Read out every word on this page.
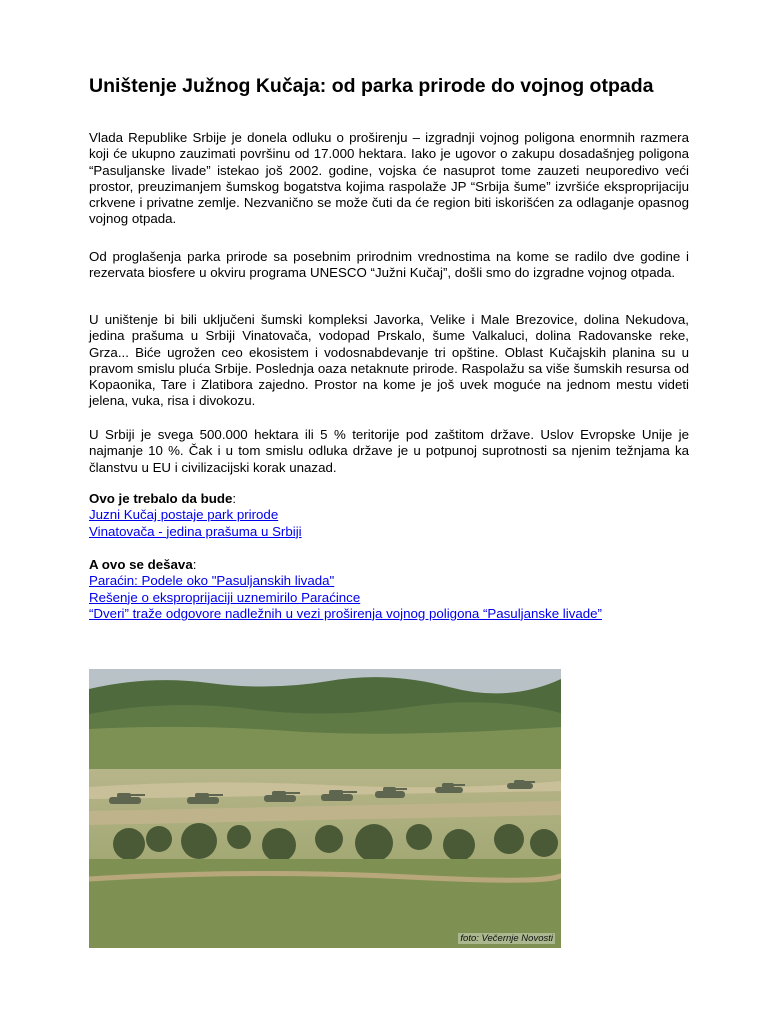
Uništenje Južnog Kučaja: od parka prirode do vojnog otpada

Vlada Republike Srbije je donela odluku o proširenju – izgradnji vojnog poligona enormnih razmera koji će ukupno zauzimati površinu od 17.000 hektara. Iako je ugovor o zakupu dosadašnjeg poligona “Pasuljanske livade” istekao još 2002. godine, vojska će nasuprot tome zauzeti neuporedivo veći prostor, preuzimanjem šumskog bogatstva kojima raspolaže JP “Srbija šume” izvršiće eksproprijaciju crkvene i privatne zemlje. Nezvanično se može čuti da će region biti iskorišćen za odlaganje opasnog vojnog otpada.

Od proglašenja parka prirode sa posebnim prirodnim vrednostima na kome se radilo dve godine i rezervata biosfere u okviru programa UNESCO “Južni Kučaj”, došli smo do izgradne vojnog otpada.

U uništenje bi bili uključeni šumski kompleksi Javorka, Velike i Male Brezovice, dolina Nekudova, jedina prašuma u Srbiji Vinatovača, vodopad Prskalo, šume Valkaluci, dolina Radovanske reke, Grza... Biće ugrožen ceo ekosistem i vodosnabdevanje tri opštine. Oblast Kučajskih planina su u pravom smislu pluća Srbije. Poslednja oaza netaknute prirode. Raspolažu sa više šumskih resursa od Kopaonika, Tare i Zlatibora zajedno. Prostor na kome je još uvek moguće na jednom mestu videti jelena, vuka, risa i divokozu.

U Srbiji je svega 500.000 hektara ili 5 % teritorije pod zaštitom države. Uslov Evropske Unije je najmanje 10 %. Čak i u tom smislu odluka države je u potpunoj suprotnosti sa njenim težnjama ka članstvu u EU i civilizacijski korak unazad.

Ovo je trebalo da bude:
Juzni Kučaj postaje park prirode
Vinatovača - jedina prašuma u Srbiji
A ovo se dešava:
Paraćin: Podele oko "Pasuljanskih livada"
Rešenje o eksproprijaciji uznemirilo Paraćince
“Dveri” traže odgovore nadležnih u vezi proširenja vojnog poligona “Pasuljanske livade”
foto: Večernje Novosti
